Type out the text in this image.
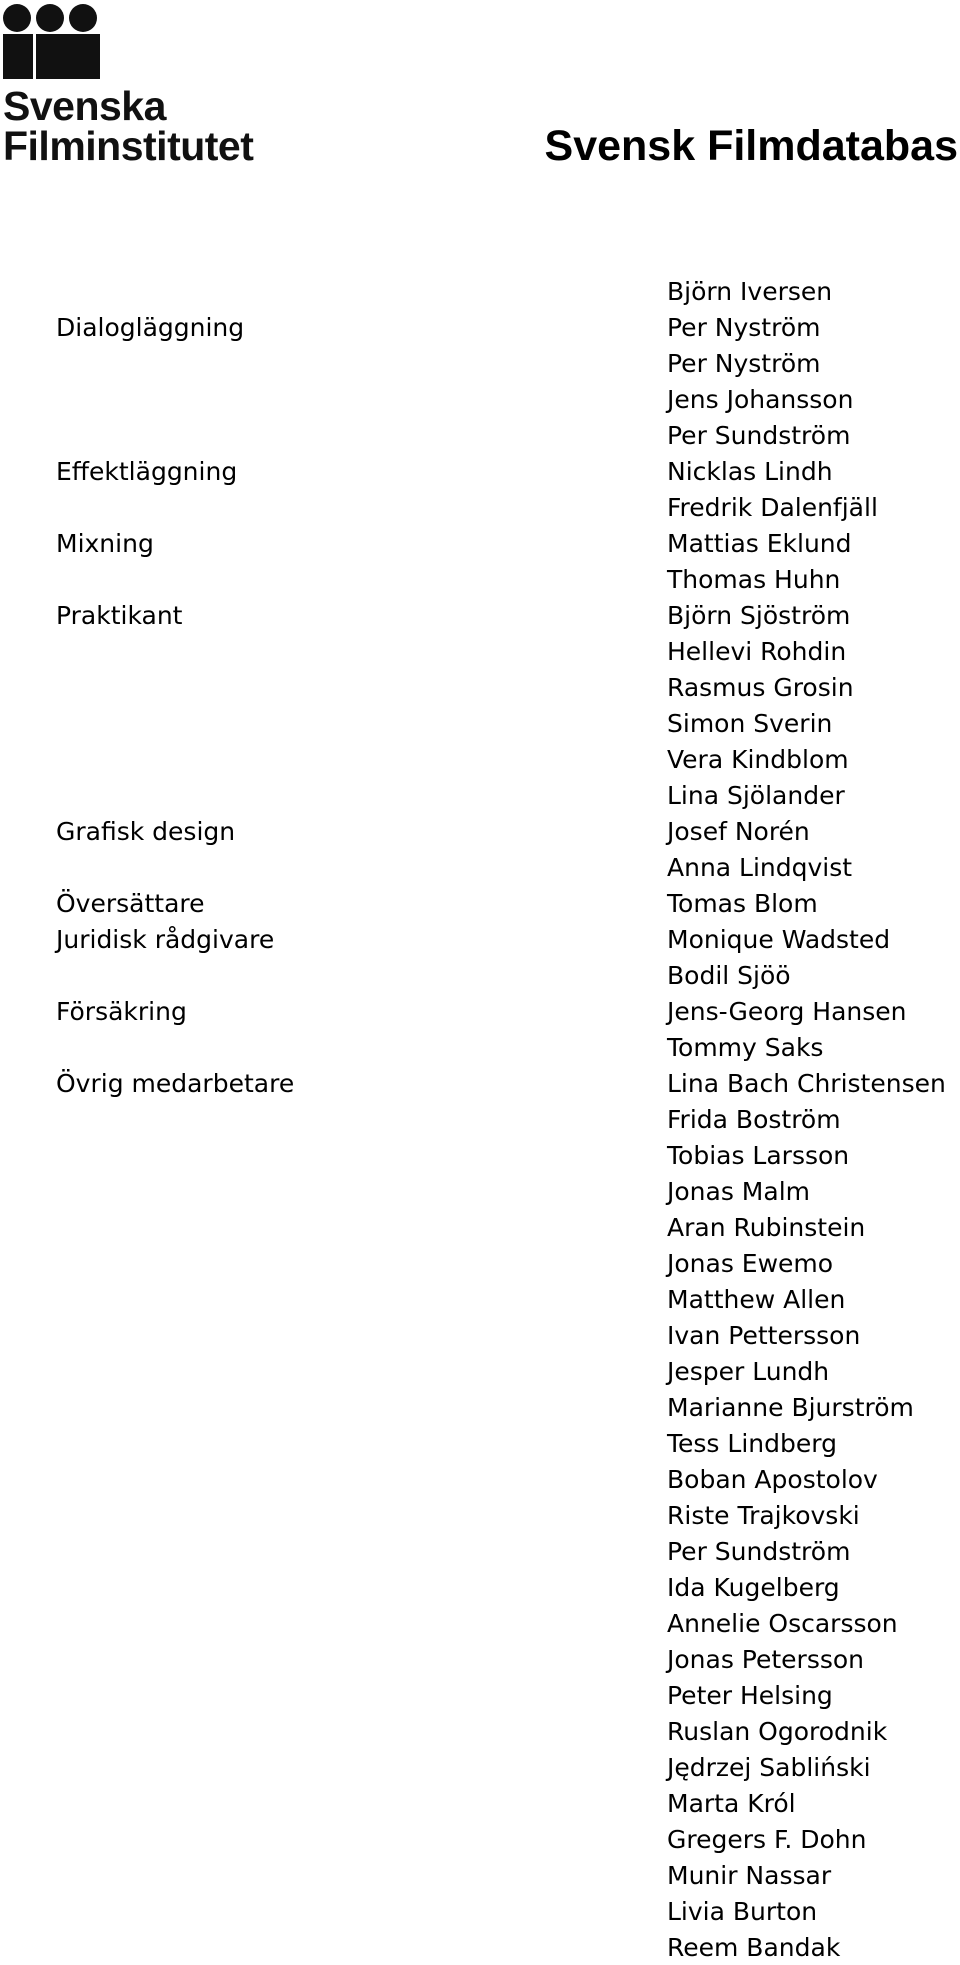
Svenska
Filminstitutet	Svensk Filmdatabas
Björn Iversen
Dialogläggning	Per Nyström
Per Nyström
Jens Johansson
Per Sundström
Effektläggning	Nicklas Lindh
Fredrik Dalenfjäll
Mixning	Mattias Eklund
Thomas Huhn
Praktikant	Björn Sjöström
Hellevi Rohdin
Rasmus Grosin
Simon Sverin
Vera Kindblom
Lina Sjölander
Grafisk design	Josef Norén
Anna Lindqvist
Översättare	Tomas Blom
Juridisk rådgivare	Monique Wadsted
Bodil Sjöö
Försäkring	Jens-Georg Hansen
Tommy Saks
Övrig medarbetare	Lina Bach Christensen
Frida Boström
Tobias Larsson
Jonas Malm
Aran Rubinstein
Jonas Ewemo
Matthew Allen
Ivan Pettersson
Jesper Lundh
Marianne Bjurström
Tess Lindberg
Boban Apostolov
Riste Trajkovski
Per Sundström
Ida Kugelberg
Annelie Oscarsson
Jonas Petersson
Peter Helsing
Ruslan Ogorodnik
Jędrzej Sabliński
Marta Król
Gregers F. Dohn
Munir Nassar
Livia Burton
Reem Bandak
